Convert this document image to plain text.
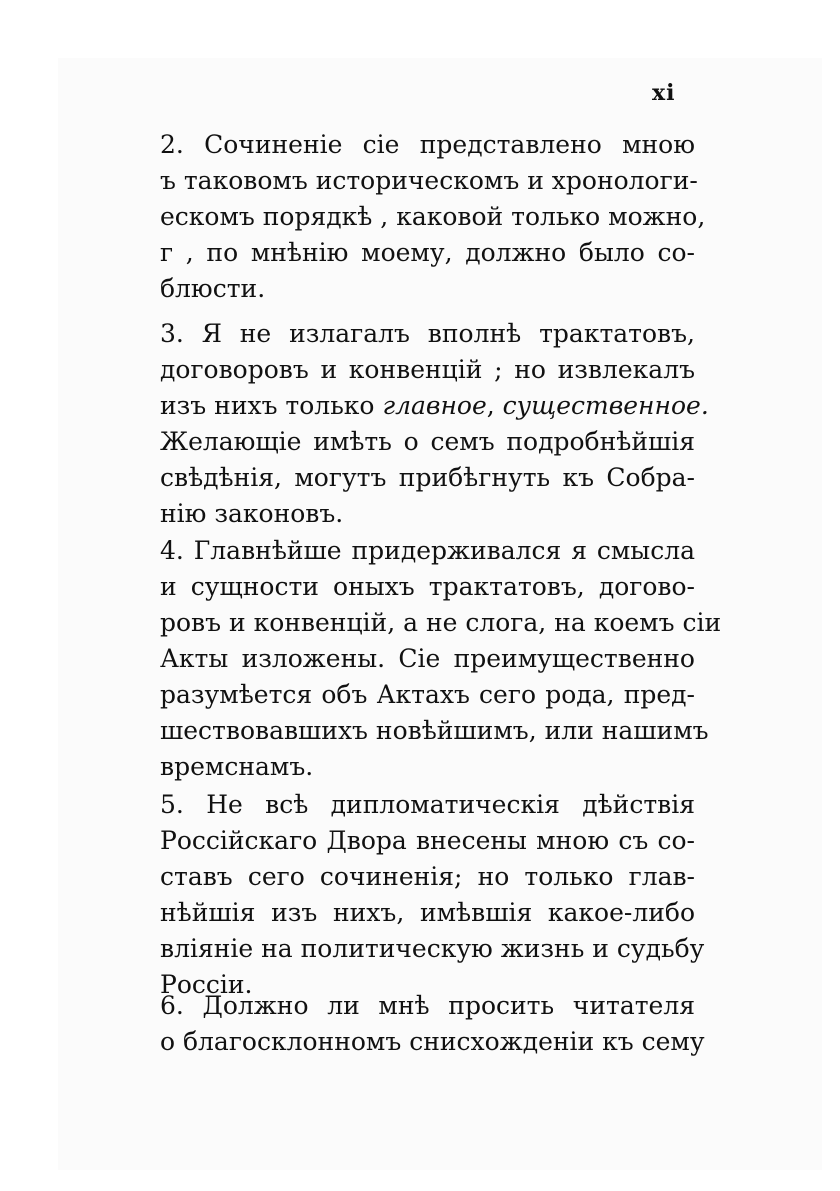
xi
2. Сочиненіе сіе представлено мною
ъ таковомъ историческомъ и хронологи-
ескомъ порядкѣ , каковой только можно,
г , по мнѣнію моему, должно было со-
блюсти.
3. Я не излагалъ вполнѣ трактатовъ,
договоровъ и конвенцій ; но извлекалъ
изъ нихъ только главное, существенное.
Желающіе имѣть о семъ подробнѣйшія
свѣдѣнія, могутъ прибѣгнуть къ Собра-
нію законовъ.
4. Главнѣйше придерживался я смысла
и сущности оныхъ трактатовъ, догово-
ровъ и конвенцій, а не слога, на коемъ сіи
Акты изложены. Сіе преимущественно
разумѣется объ Актахъ сего рода, пред-
шествовавшихъ новѣйшимъ, или нашимъ
времснамъ.
5. Не всѣ дипломатическія дѣйствія
Россійскаго Двора внесены мною съ со-
ставъ сего сочиненія; но только глав-
нѣйшія изъ нихъ, имѣвшія какое-либо
вліяніе на политическую жизнь и судьбу
Россіи.
6. Должно ли мнѣ просить читателя
о благосклонномъ снисхожденіи къ сему
